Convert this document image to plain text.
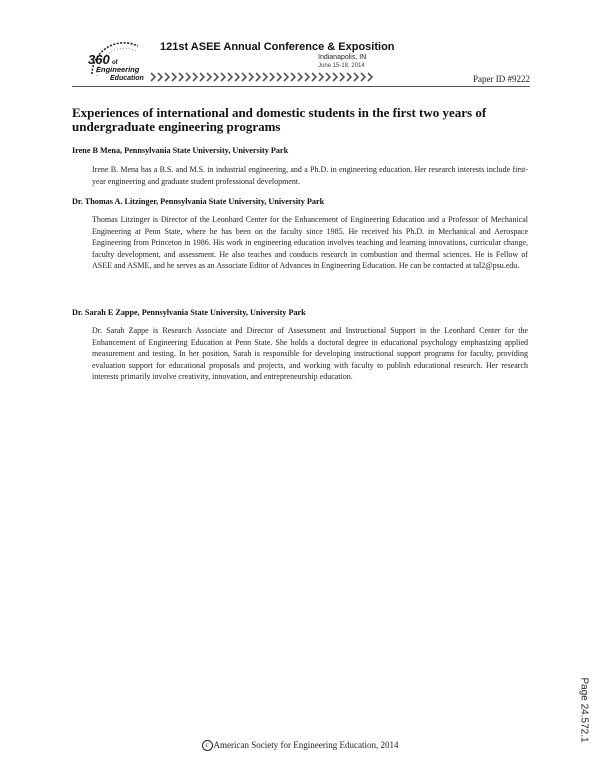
360 of
Engineering
Education
121st ASEE Annual Conference & Exposition
Indianapolis, IN
June 15-18, 2014
Paper ID #9222
Experiences of international and domestic students in the first two years of undergraduate engineering programs
Irene B Mena, Pennsylvania State University, University Park
Irene B. Mena has a B.S. and M.S. in industrial engineering, and a Ph.D. in engineering education. Her research interests include first-year engineering and graduate student professional development.
Dr. Thomas A. Litzinger, Pennsylvania State University, University Park
Thomas Litzinger is Director of the Leonhard Center for the Enhancement of Engineering Education and a Professor of Mechanical Engineering at Penn State, where he has been on the faculty since 1985. He received his Ph.D. in Mechanical and Aerospace Engineering from Princeton in 1986. His work in engineering education involves teaching and learning innovations, curricular change, faculty development, and assessment. He also teaches and conducts research in combustion and thermal sciences. He is Fellow of ASEE and ASME, and he serves as an Associate Editor of Advances in Engineering Education. He can be contacted at tal2@psu.edu.
Dr. Sarah E Zappe, Pennsylvania State University, University Park
Dr. Sarah Zappe is Research Associate and Director of Assessment and Instructional Support in the Leonhard Center for the Enhancement of Engineering Education at Penn State. She holds a doctoral degree in educational psychology emphasizing applied measurement and testing. In her position, Sarah is responsible for developing instructional support programs for faculty, providing evaluation support for educational proposals and projects, and working with faculty to publish educational research. Her research interests primarily involve creativity, innovation, and entrepreneurship education.
Page 24.572.1
c American Society for Engineering Education, 2014
